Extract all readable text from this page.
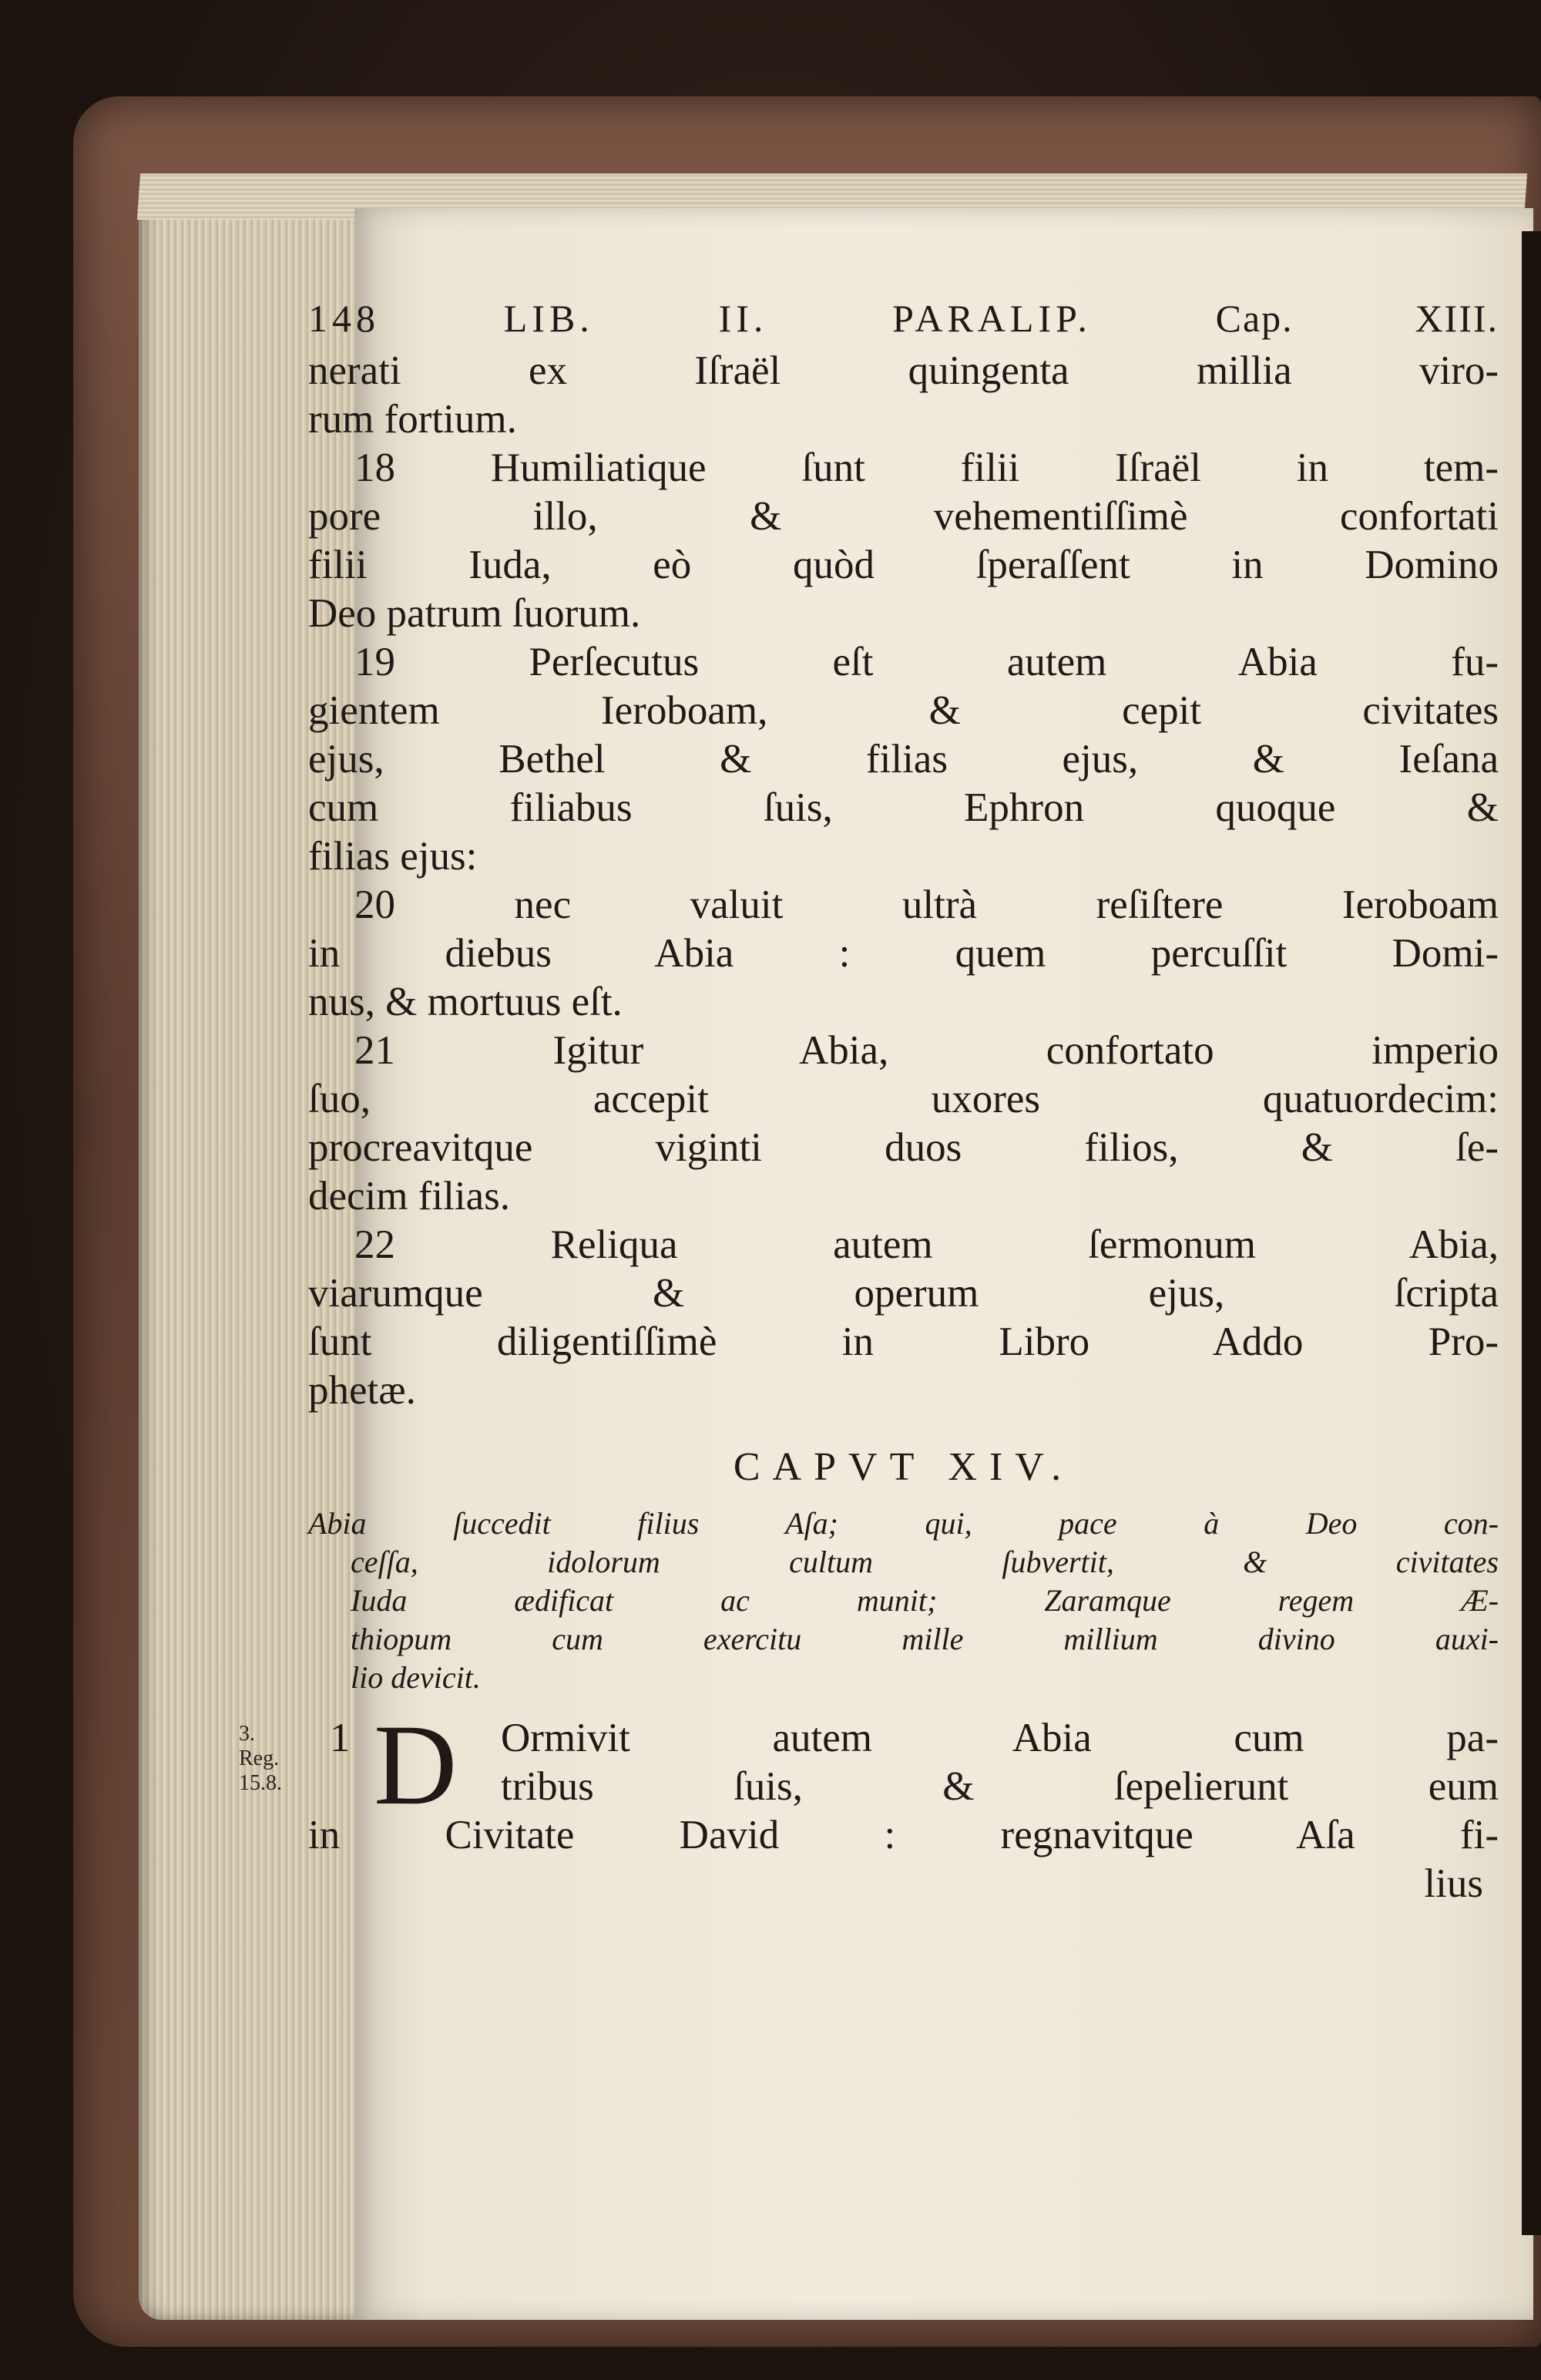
148	LIB. II. PARALIP.	Cap. XIII.
nerati ex Iſraël quingenta millia viro-
rum fortium.
18 Humiliatique ſunt filii Iſraël in tem-
pore illo, & vehementiſſimè confortati
filii Iuda, eò quòd ſperaſſent in Domino
Deo patrum ſuorum.
19 Perſecutus eſt autem Abia fu-
gientem Ieroboam, & cepit civitates
ejus, Bethel & filias ejus, & Ieſana
cum filiabus ſuis, Ephron quoque &
filias ejus:
20 nec valuit ultrà reſiſtere Ieroboam
in diebus Abia : quem percuſſit Domi-
nus, & mortuus eſt.
21 Igitur Abia, confortato imperio
ſuo, accepit uxores quatuordecim:
procreavitque viginti duos filios, & ſe-
decim filias.
22 Reliqua autem ſermonum Abia,
viarumque & operum ejus, ſcripta
ſunt diligentiſſimè in Libro Addo Pro-
phetæ.
CAPVT XIV.
Abia ſuccedit filius Aſa; qui, pace à Deo con-
ceſſa, idolorum cultum ſubvertit, & civitates
Iuda ædificat ac munit; Zaramque regem Æ-
thiopum cum exercitu mille millium divino auxi-
lio devicit.
3. Reg.
15.8.
1 D	Ormivit autem Abia cum pa-
tribus ſuis, & ſepelierunt eum
in Civitate David : regnavitque Aſa fi-
lius
